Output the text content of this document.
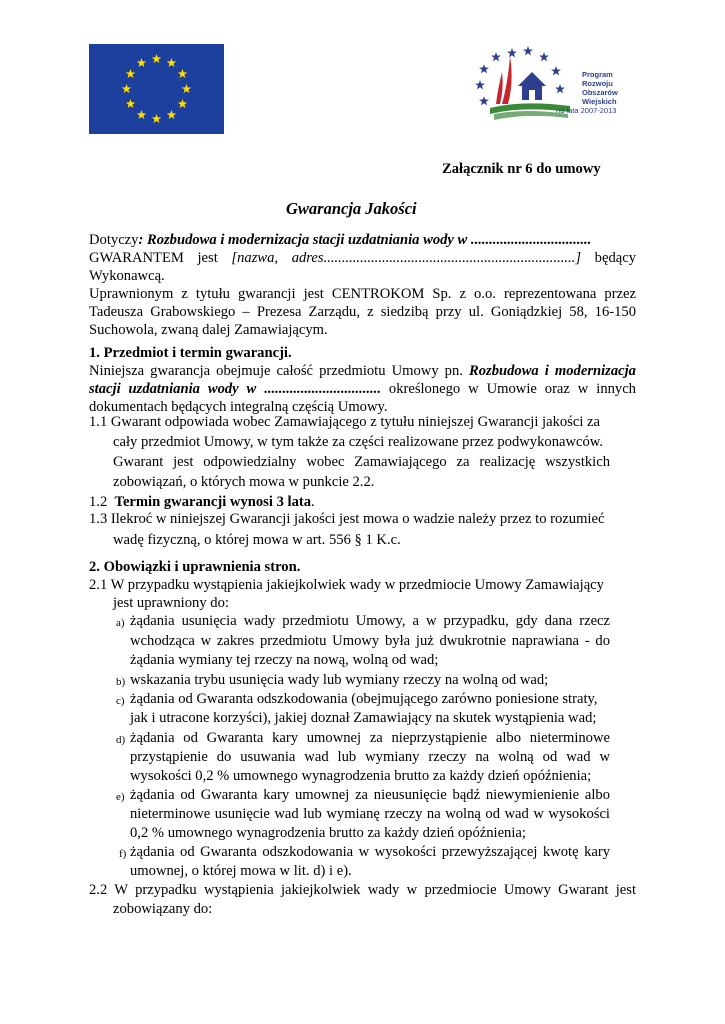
Program
Rozwoju
Obszarów
Wiejskich
na lata 2007-2013
Załącznik nr 6 do umowy
Gwarancja Jakości
Dotyczy: Rozbudowa i modernizacja stacji uzdatniania wody w .................................
GWARANTEM jest [nazwa, adres.....................................................................] będący
Wykonawcą.
Uprawnionym z tytułu gwarancji jest CENTROKOM Sp. z o.o. reprezentowana przez
Tadeusza Grabowskiego – Prezesa Zarządu, z siedzibą przy ul. Goniądzkiej 58, 16-150
Suchowola, zwaną dalej Zamawiającym.
1. Przedmiot i termin gwarancji.
Niniejsza gwarancja obejmuje całość przedmiotu Umowy pn. Rozbudowa i modernizacja
stacji uzdatniania wody w ................................ określonego w Umowie oraz w innych
dokumentach będących integralną częścią Umowy.
1.1 Gwarant odpowiada wobec Zamawiającego z tytułu niniejszej Gwarancji jakości za
cały przedmiot Umowy, w tym także za części realizowane przez podwykonawców.
Gwarant jest odpowiedzialny wobec Zamawiającego za realizację wszystkich
zobowiązań, o których mowa w punkcie 2.2.
1.2 Termin gwarancji wynosi 3 lata.
1.3 Ilekroć w niniejszej Gwarancji jakości jest mowa o wadzie należy przez to rozumieć
wadę fizyczną, o której mowa w art. 556 § 1 K.c.
2. Obowiązki i uprawnienia stron.
2.1 W przypadku wystąpienia jakiejkolwiek wady w przedmiocie Umowy Zamawiający
jest uprawniony do:
a) żądania usunięcia wady przedmiotu Umowy, a w przypadku, gdy dana rzecz
wchodząca w zakres przedmiotu Umowy była już dwukrotnie naprawiana - do
żądania wymiany tej rzeczy na nową, wolną od wad;
b) wskazania trybu usunięcia wady lub wymiany rzeczy na wolną od wad;
c) żądania od Gwaranta odszkodowania (obejmującego zarówno poniesione straty,
jak i utracone korzyści), jakiej doznał Zamawiający na skutek wystąpienia wad;
d) żądania od Gwaranta kary umownej za nieprzystąpienie albo nieterminowe
przystąpienie do usuwania wad lub wymiany rzeczy na wolną od wad w
wysokości 0,2 % umownego wynagrodzenia brutto za każdy dzień opóźnienia;
e) żądania od Gwaranta kary umownej za nieusunięcie bądź niewymienienie albo
nieterminowe usunięcie wad lub wymianę rzeczy na wolną od wad w wysokości
0,2 % umownego wynagrodzenia brutto za każdy dzień opóźnienia;
f) żądania od Gwaranta odszkodowania w wysokości przewyższającej kwotę kary
umownej, o której mowa w lit. d) i e).
2.2 W przypadku wystąpienia jakiejkolwiek wady w przedmiocie Umowy Gwarant jest
zobowiązany do:
